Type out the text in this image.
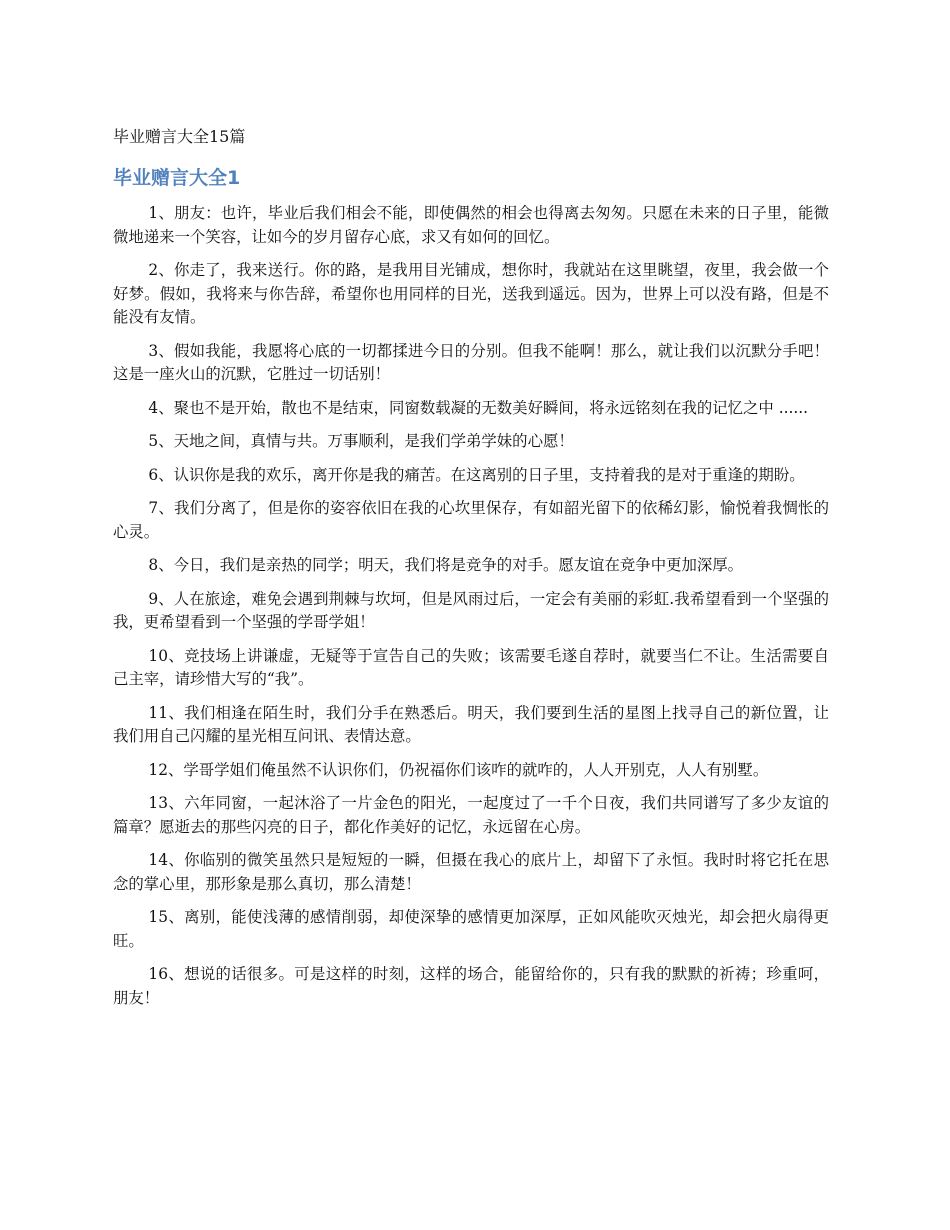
毕业赠言大全15篇
毕业赠言大全1

1、朋友：也许，毕业后我们相会不能，即使偶然的相会也得离去匆匆。只愿在未来的日子里，能微微地递来一个笑容，让如今的岁月留存心底，求又有如何的回忆。

2、你走了，我来送行。你的路，是我用目光铺成，想你时，我就站在这里眺望，夜里，我会做一个好梦。假如，我将来与你告辞，希望你也用同样的目光，送我到遥远。因为，世界上可以没有路，但是不能没有友情。

3、假如我能，我愿将心底的一切都揉进今日的分别。但我不能啊！那么，就让我们以沉默分手吧！这是一座火山的沉默，它胜过一切话别！

4、聚也不是开始，散也不是结束，同窗数载凝的无数美好瞬间，将永远铭刻在我的记忆之中 ......

5、天地之间，真情与共。万事顺利，是我们学弟学妹的心愿！

6、认识你是我的欢乐，离开你是我的痛苦。在这离别的日子里，支持着我的是对于重逢的期盼。

7、我们分离了，但是你的姿容依旧在我的心坎里保存，有如韶光留下的依稀幻影，愉悦着我惆怅的心灵。

8、今日，我们是亲热的同学；明天，我们将是竞争的对手。愿友谊在竞争中更加深厚。

9、人在旅途，难免会遇到荆棘与坎坷，但是风雨过后，一定会有美丽的彩虹.我希望看到一个坚强的我，更希望看到一个坚强的学哥学姐！

10、竞技场上讲谦虚，无疑等于宣告自己的失败；该需要毛遂自荐时，就要当仁不让。生活需要自己主宰，请珍惜大写的“我”。

11、我们相逢在陌生时，我们分手在熟悉后。明天，我们要到生活的星图上找寻自己的新位置，让我们用自己闪耀的星光相互问讯、表情达意。

12、学哥学姐们俺虽然不认识你们，仍祝福你们该咋的就咋的，人人开别克，人人有别墅。

13、六年同窗，一起沐浴了一片金色的阳光，一起度过了一千个日夜，我们共同谱写了多少友谊的篇章？愿逝去的那些闪亮的日子，都化作美好的记忆，永远留在心房。

14、你临别的微笑虽然只是短短的一瞬，但摄在我心的底片上，却留下了永恒。我时时将它托在思念的掌心里，那形象是那么真切，那么清楚！

15、离别，能使浅薄的感情削弱，却使深挚的感情更加深厚，正如风能吹灭烛光，却会把火扇得更旺。

16、想说的话很多。可是这样的时刻，这样的场合，能留给你的，只有我的默默的祈祷；珍重呵，朋友！
